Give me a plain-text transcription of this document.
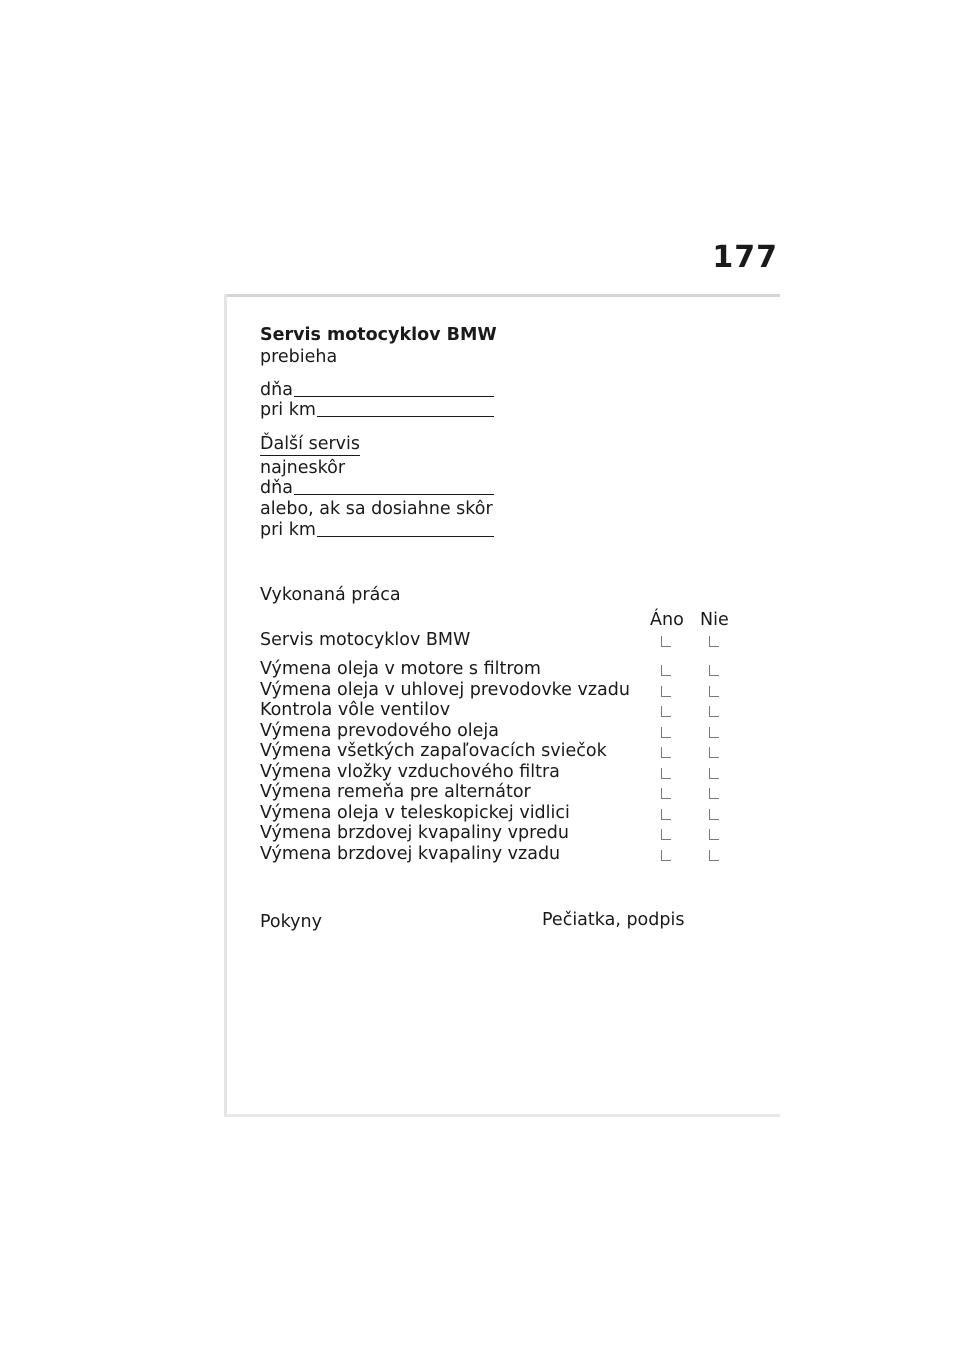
177
Servis motocyklov BMW
prebieha
dňa
pri km
Ďalší servis
najneskôr
dňa
alebo, ak sa dosiahne skôr
pri km
Vykonaná práca
Áno Nie
Servis motocyklov BMW
Výmena oleja v motore s filtrom
Výmena oleja v uhlovej prevodovke vzadu
Kontrola vôle ventilov
Výmena prevodového oleja
Výmena všetkých zapaľovacích sviečok
Výmena vložky vzduchového filtra
Výmena remeňa pre alternátor
Výmena oleja v teleskopickej vidlici
Výmena brzdovej kvapaliny vpredu
Výmena brzdovej kvapaliny vzadu
Pokyny	Pečiatka, podpis
